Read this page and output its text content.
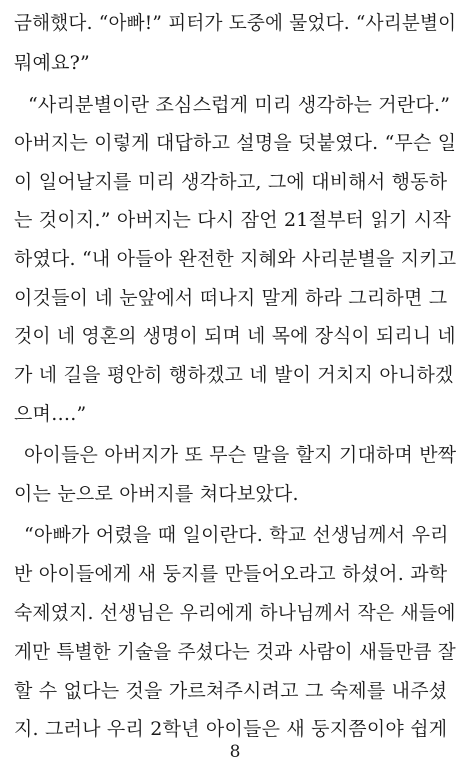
금해했다. “아빠!” 피터가 도중에 물었다. “사리분별이
뭐예요?”
“사리분별이란 조심스럽게 미리 생각하는 거란다.”
아버지는 이렇게 대답하고 설명을 덧붙였다. “무슨 일
이 일어날지를 미리 생각하고, 그에 대비해서 행동하
는 것이지.” 아버지는 다시 잠언 21절부터 읽기 시작
하였다. “내 아들아 완전한 지혜와 사리분별을 지키고
이것들이 네 눈앞에서 떠나지 말게 하라 그리하면 그
것이 네 영혼의 생명이 되며 네 목에 장식이 되리니 네
가 네 길을 평안히 행하겠고 네 발이 거치지 아니하겠
으며….”
아이들은 아버지가 또 무슨 말을 할지 기대하며 반짝
이는 눈으로 아버지를 쳐다보았다.
“아빠가 어렸을 때 일이란다. 학교 선생님께서 우리
반 아이들에게 새 둥지를 만들어오라고 하셨어. 과학
숙제였지. 선생님은 우리에게 하나님께서 작은 새들에
게만 특별한 기술을 주셨다는 것과 사람이 새들만큼 잘
할 수 없다는 것을 가르쳐주시려고 그 숙제를 내주셨
지. 그러나 우리 2학년 아이들은 새 둥지쯤이야 쉽게
8
